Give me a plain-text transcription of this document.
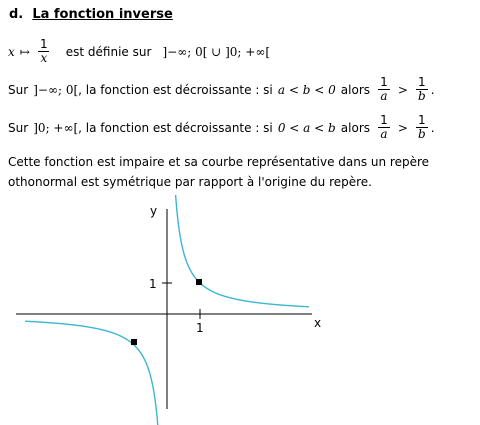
d. La fonction inverse
x ↦ $\frac{1}{x}$ est définie sur ]−∞; 0[ ∪ ]0; +∞[
Sur ]−∞; 0[, la fonction est décroissante : si a < b < 0 alors $\frac{1}{a} > \frac{1}{b}$ .
Sur ]0; +∞[, la fonction est décroissante : si 0 < a < b alors $\frac{1}{a} > \frac{1}{b}$ .
Cette fonction est impaire et sa courbe représentative dans un repère
othonormal est symétrique par rapport à l'origine du repère.
y
x
1
1
